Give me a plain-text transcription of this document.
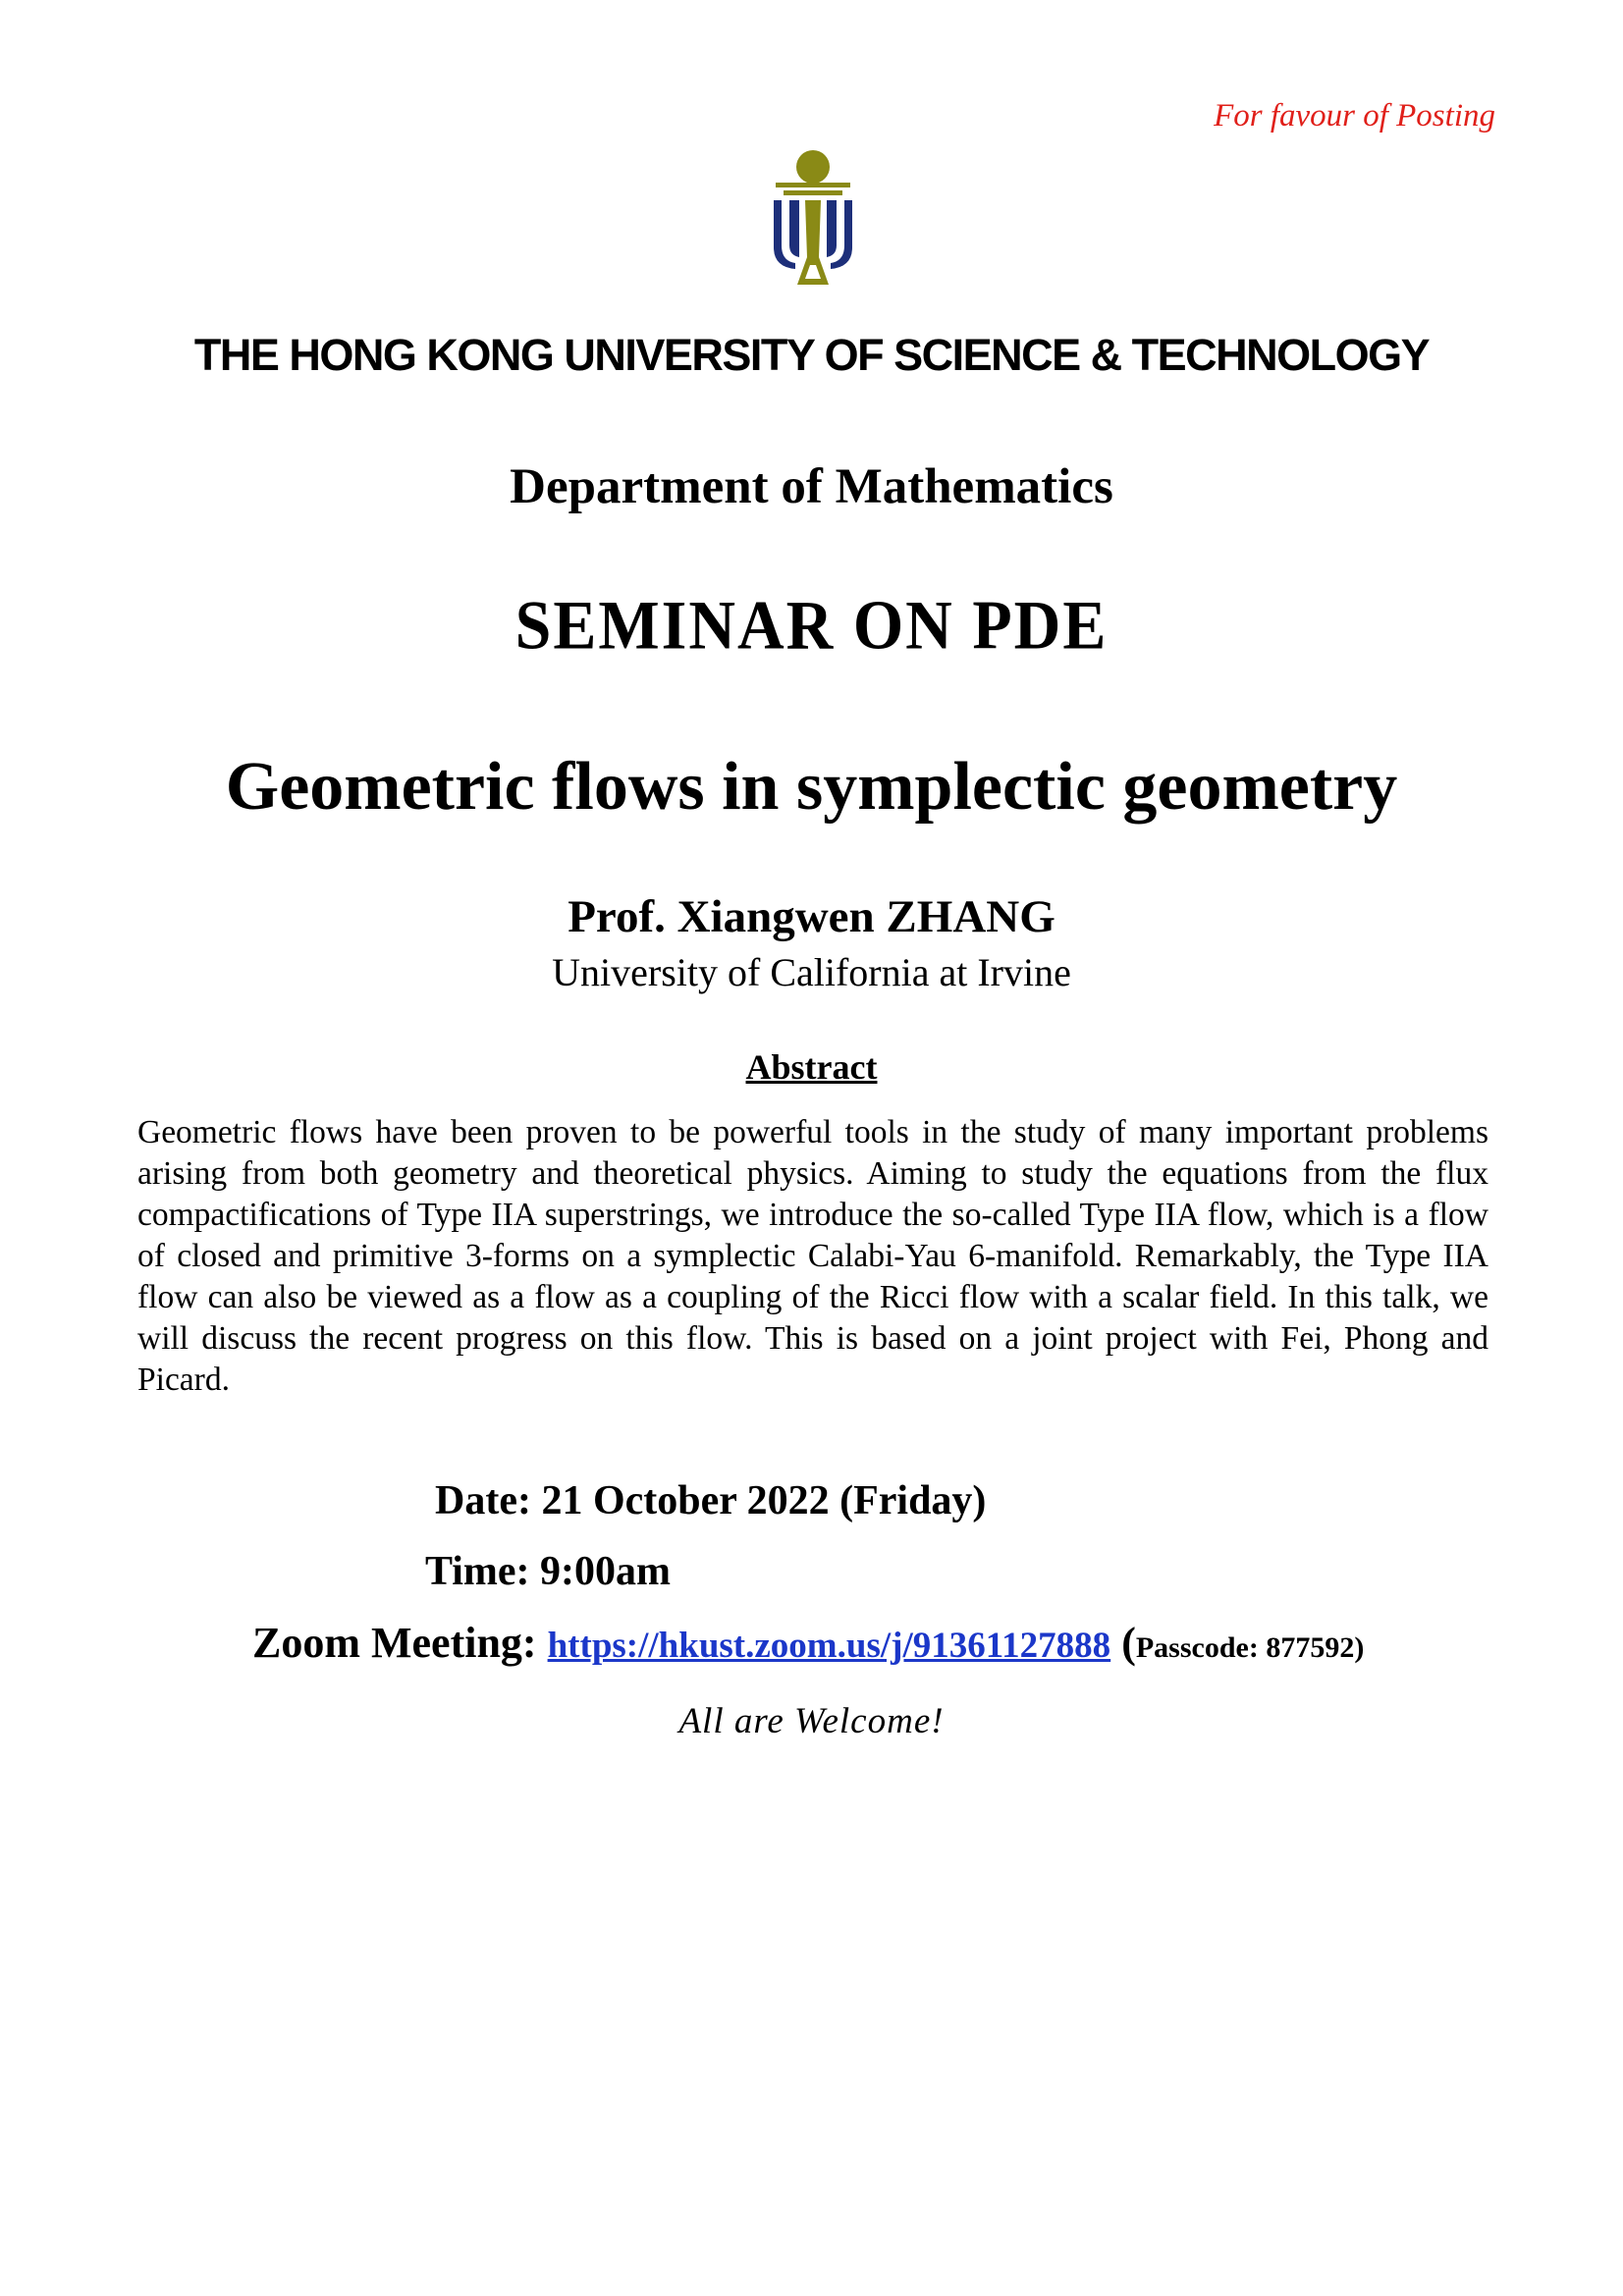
For favour of Posting
THE HONG KONG UNIVERSITY OF SCIENCE & TECHNOLOGY
Department of Mathematics
SEMINAR ON PDE
Geometric flows in symplectic geometry
Prof. Xiangwen ZHANG
University of California at Irvine
Abstract

Geometric flows have been proven to be powerful tools in the study of many important problems arising from both geometry and theoretical physics. Aiming to study the equations from the flux compactifications of Type IIA superstrings, we introduce the so-called Type IIA flow, which is a flow of closed and primitive 3-forms on a symplectic Calabi-Yau 6-manifold. Remarkably, the Type IIA flow can also be viewed as a flow as a coupling of the Ricci flow with a scalar field. In this talk, we will discuss the recent progress on this flow. This is based on a joint project with Fei, Phong and Picard.

Date: 21 October 2022 (Friday)
Time: 9:00am
Zoom Meeting: https://hkust.zoom.us/j/91361127888 (Passcode: 877592)
All are Welcome!
